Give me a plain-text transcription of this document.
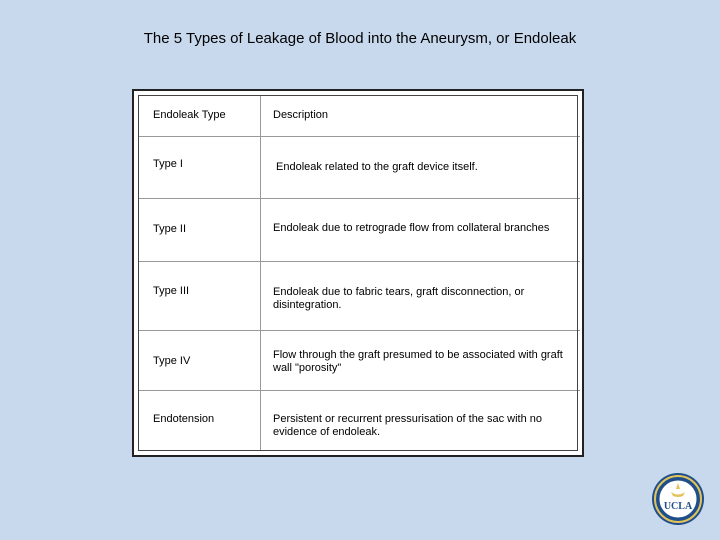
The 5 Types of Leakage of Blood into the Aneurysm, or Endoleak
Endoleak Type	Description
Type I	Endoleak related to the graft device itself.
Type II	Endoleak due to retrograde flow from collateral branches
Type III	Endoleak due to fabric tears, graft disconnection, or disintegration.
Type IV	Flow through the graft presumed to be associated with graft wall "porosity"
Endotension	Persistent or recurrent pressurisation of the sac with no evidence of endoleak.
UCLA
